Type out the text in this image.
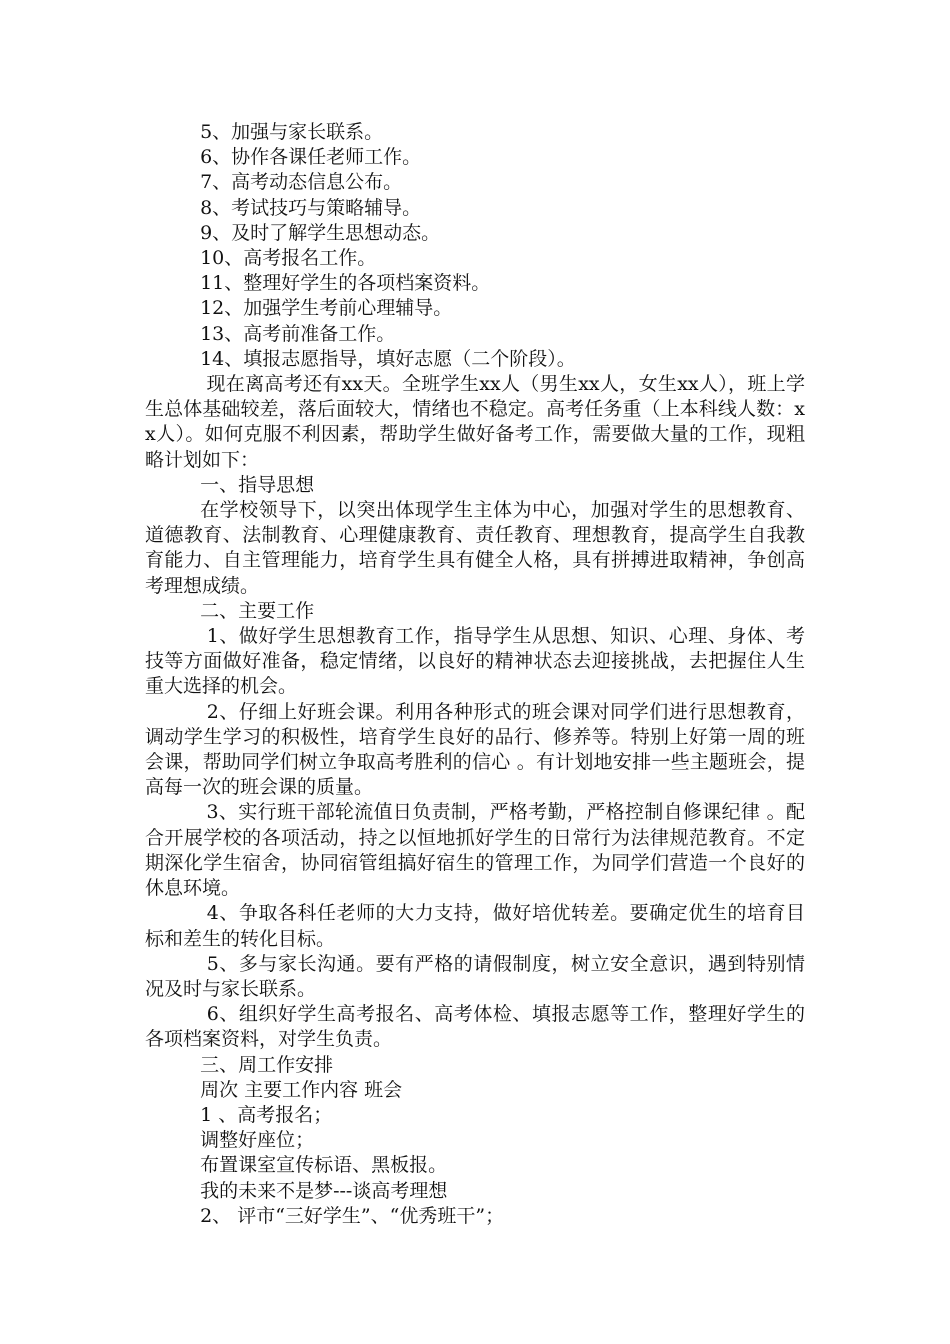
5、加强与家长联系。

6、协作各课任老师工作。

7、高考动态信息公布。

8、考试技巧与策略辅导。

9、及时了解学生思想动态。

10、高考报名工作。

11、整理好学生的各项档案资料。

12、加强学生考前心理辅导。

13、高考前准备工作。

14、填报志愿指导，填好志愿（二个阶段）。

现在离高考还有xx天。全班学生xx人（男生xx人，女生xx人），班上学生总体基础较差，落后面较大，情绪也不稳定。高考任务重（上本科线人数：xx人）。如何克服不利因素，帮助学生做好备考工作，需要做大量的工作，现粗略计划如下：

一、指导思想

在学校领导下，以突出体现学生主体为中心，加强对学生的思想教育、道德教育、法制教育、心理健康教育、责任教育、理想教育，提高学生自我教育能力、自主管理能力，培育学生具有健全人格，具有拼搏进取精神，争创高考理想成绩。

二、主要工作

1、做好学生思想教育工作，指导学生从思想、知识、心理、身体、考技等方面做好准备，稳定情绪，以良好的精神状态去迎接挑战，去把握住人生重大选择的机会。

2、仔细上好班会课。利用各种形式的班会课对同学们进行思想教育，调动学生学习的积极性，培育学生良好的品行、修养等。特别上好第一周的班会课，帮助同学们树立争取高考胜利的信心 。有计划地安排一些主题班会，提高每一次的班会课的质量。

3、实行班干部轮流值日负责制，严格考勤，严格控制自修课纪律 。配合开展学校的各项活动，持之以恒地抓好学生的日常行为法律规范教育。不定期深化学生宿舍，协同宿管组搞好宿生的管理工作，为同学们营造一个良好的休息环境。

4、争取各科任老师的大力支持，做好培优转差。要确定优生的培育目标和差生的转化目标。

5、多与家长沟通。要有严格的请假制度，树立安全意识，遇到特别情况及时与家长联系。

6、组织好学生高考报名、高考体检、填报志愿等工作，整理好学生的各项档案资料，对学生负责。

三、周工作安排

周次 主要工作内容 班会

1 、高考报名；

调整好座位；

布置课室宣传标语、黑板报。

我的未来不是梦---谈高考理想

2、 评市“三好学生”、“优秀班干”；
